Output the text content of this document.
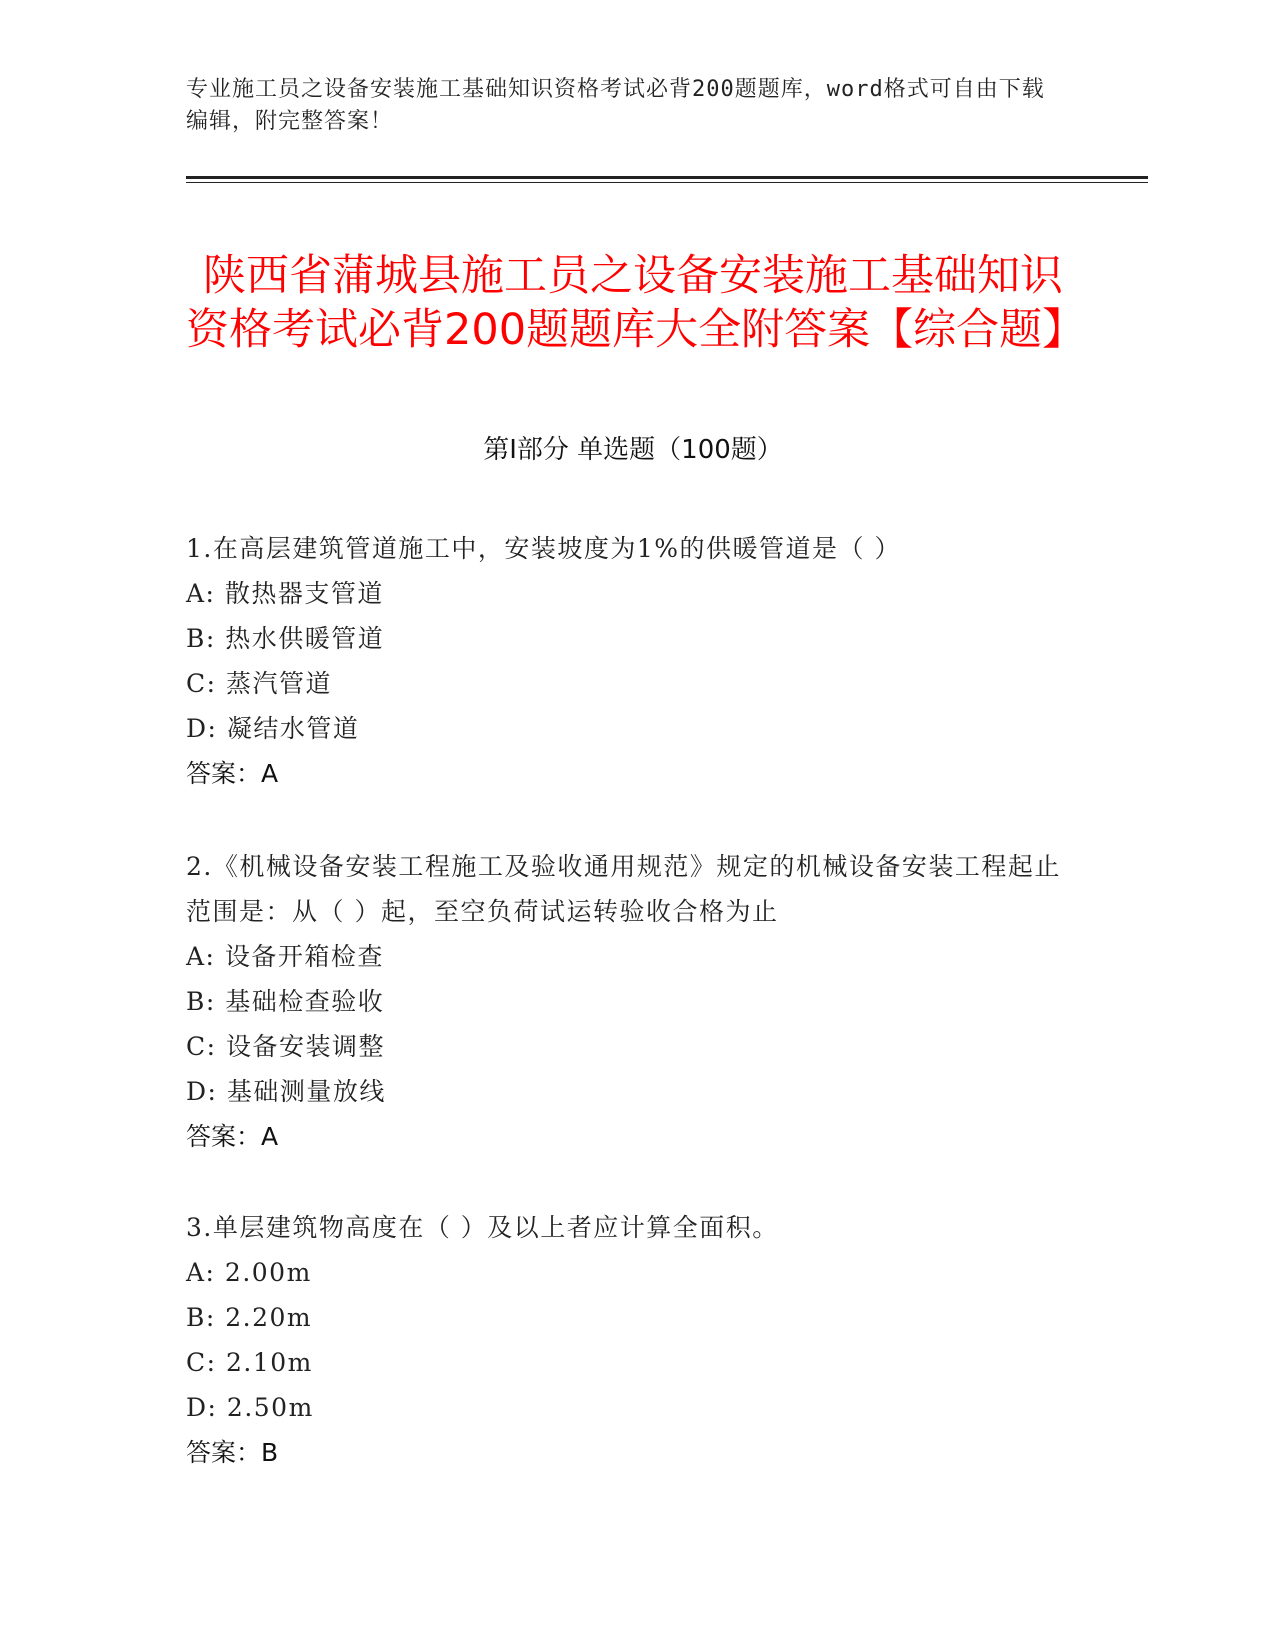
专业施工员之设备安装施工基础知识资格考试必背200题题库，word格式可自由下载编辑，附完整答案！
陕西省蒲城县施工员之设备安装施工基础知识资格考试必背200题题库大全附答案【综合题】
第Ⅰ部分 单选题（100题）

1.在高层建筑管道施工中，安装坡度为1%的供暖管道是（ ）

A: 散热器支管道

B: 热水供暖管道

C: 蒸汽管道

D: 凝结水管道

答案：A

2.《机械设备安装工程施工及验收通用规范》规定的机械设备安装工程起止范围是：从（ ）起，至空负荷试运转验收合格为止

A: 设备开箱检查

B: 基础检查验收

C: 设备安装调整

D: 基础测量放线

答案：A

3.单层建筑物高度在（ ）及以上者应计算全面积。

A: 2.00m

B: 2.20m

C: 2.10m

D: 2.50m

答案：B
